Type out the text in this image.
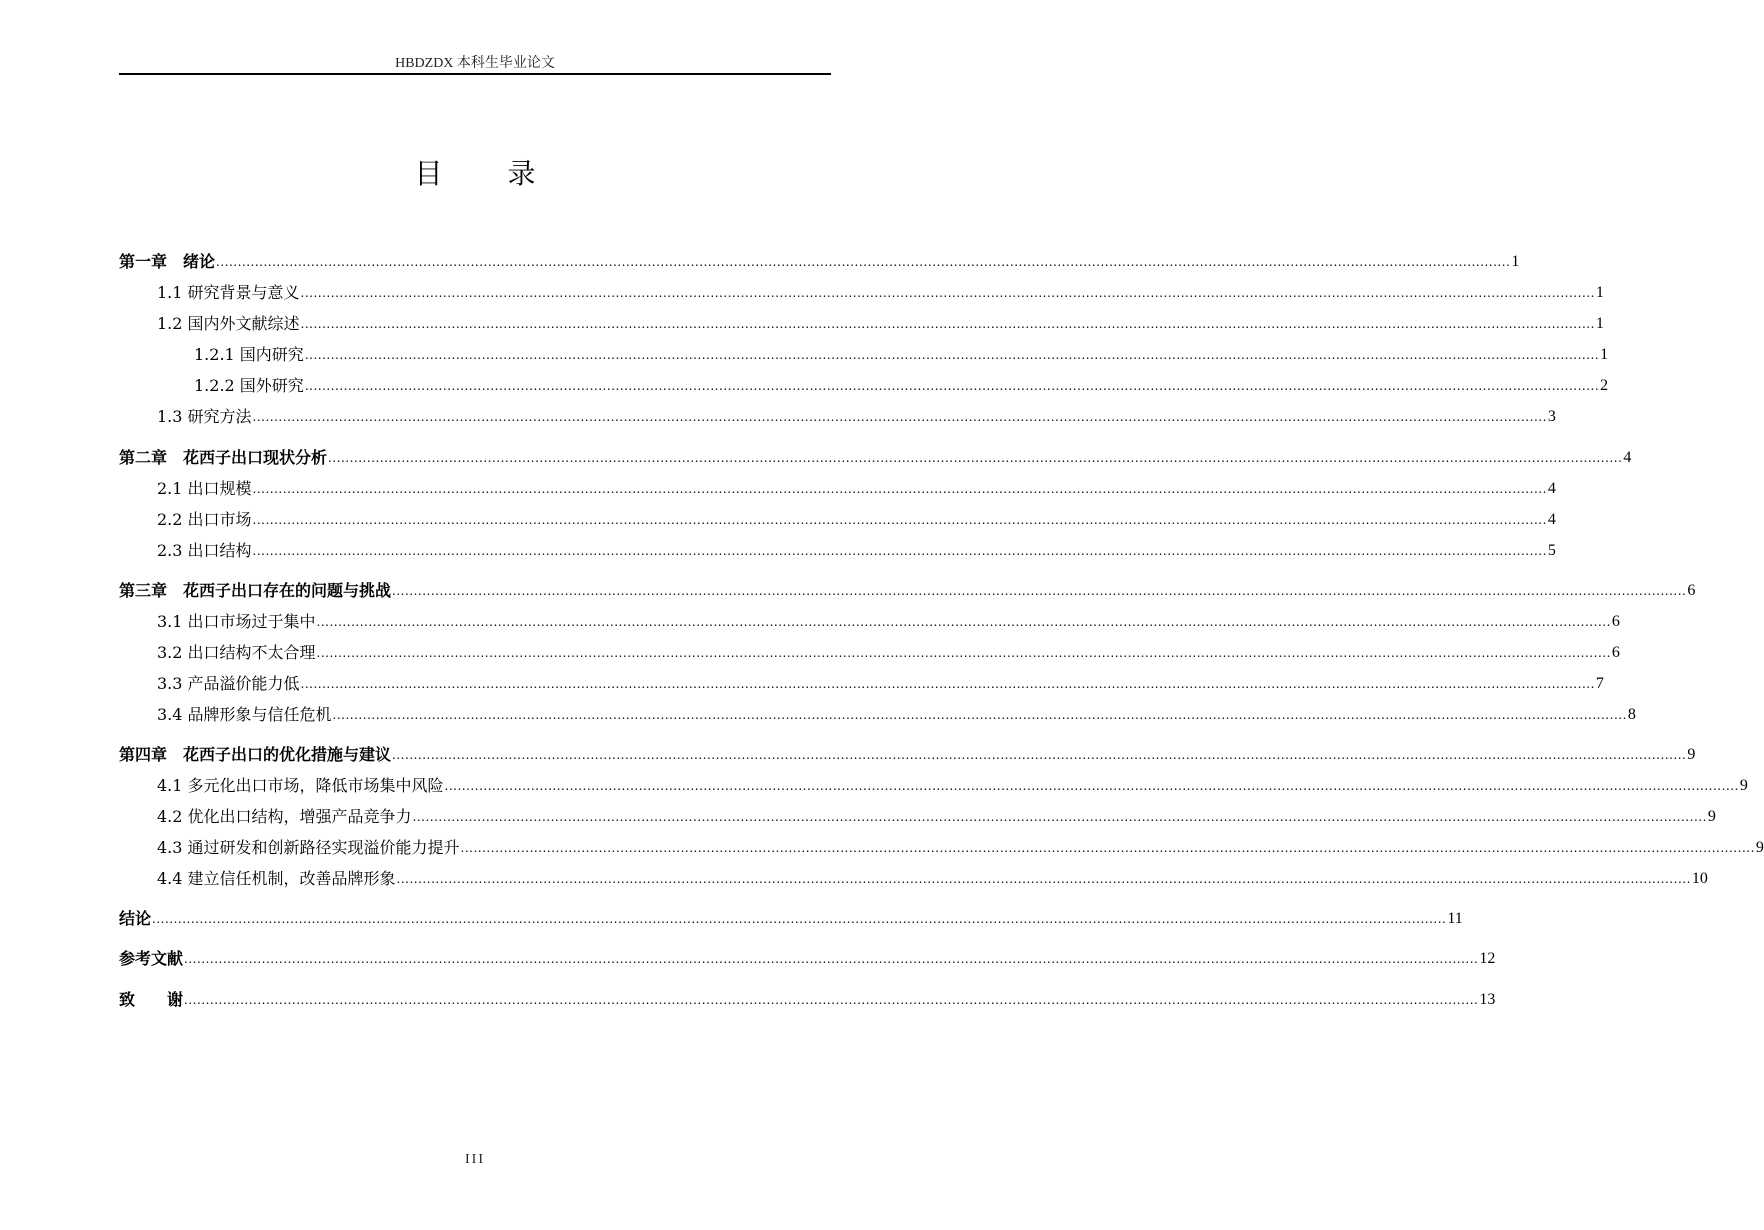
HBDZDX 本科生毕业论文
目 录
第一章　绪论 ............................................................................................................................................................................................................................................................................................................ 1
1.1 研究背景与意义 ............................................................................................................................................................................................................................................................................................................ 1
1.2 国内外文献综述 ............................................................................................................................................................................................................................................................................................................ 1
1.2.1 国内研究 ............................................................................................................................................................................................................................................................................................................ 1
1.2.2 国外研究 ............................................................................................................................................................................................................................................................................................................ 2
1.3 研究方法 ............................................................................................................................................................................................................................................................................................................ 3
第二章　花西子出口现状分析 ............................................................................................................................................................................................................................................................................................................ 4
2.1 出口规模 ............................................................................................................................................................................................................................................................................................................ 4
2.2 出口市场 ............................................................................................................................................................................................................................................................................................................ 4
2.3 出口结构 ............................................................................................................................................................................................................................................................................................................ 5
第三章　花西子出口存在的问题与挑战 ............................................................................................................................................................................................................................................................................................................ 6
3.1 出口市场过于集中 ............................................................................................................................................................................................................................................................................................................ 6
3.2 出口结构不太合理 ............................................................................................................................................................................................................................................................................................................ 6
3.3 产品溢价能力低 ............................................................................................................................................................................................................................................................................................................ 7
3.4 品牌形象与信任危机 ............................................................................................................................................................................................................................................................................................................ 8
第四章　花西子出口的优化措施与建议 ............................................................................................................................................................................................................................................................................................................ 9
4.1 多元化出口市场，降低市场集中风险 ............................................................................................................................................................................................................................................................................................................ 9
4.2 优化出口结构，增强产品竞争力 ............................................................................................................................................................................................................................................................................................................ 9
4.3 通过研发和创新路径实现溢价能力提升 ............................................................................................................................................................................................................................................................................................................ 9
4.4 建立信任机制，改善品牌形象 ............................................................................................................................................................................................................................................................................................................ 10
结论 ............................................................................................................................................................................................................................................................................................................ 11
参考文献 ............................................................................................................................................................................................................................................................................................................ 12
致　　谢 ............................................................................................................................................................................................................................................................................................................ 13
III
